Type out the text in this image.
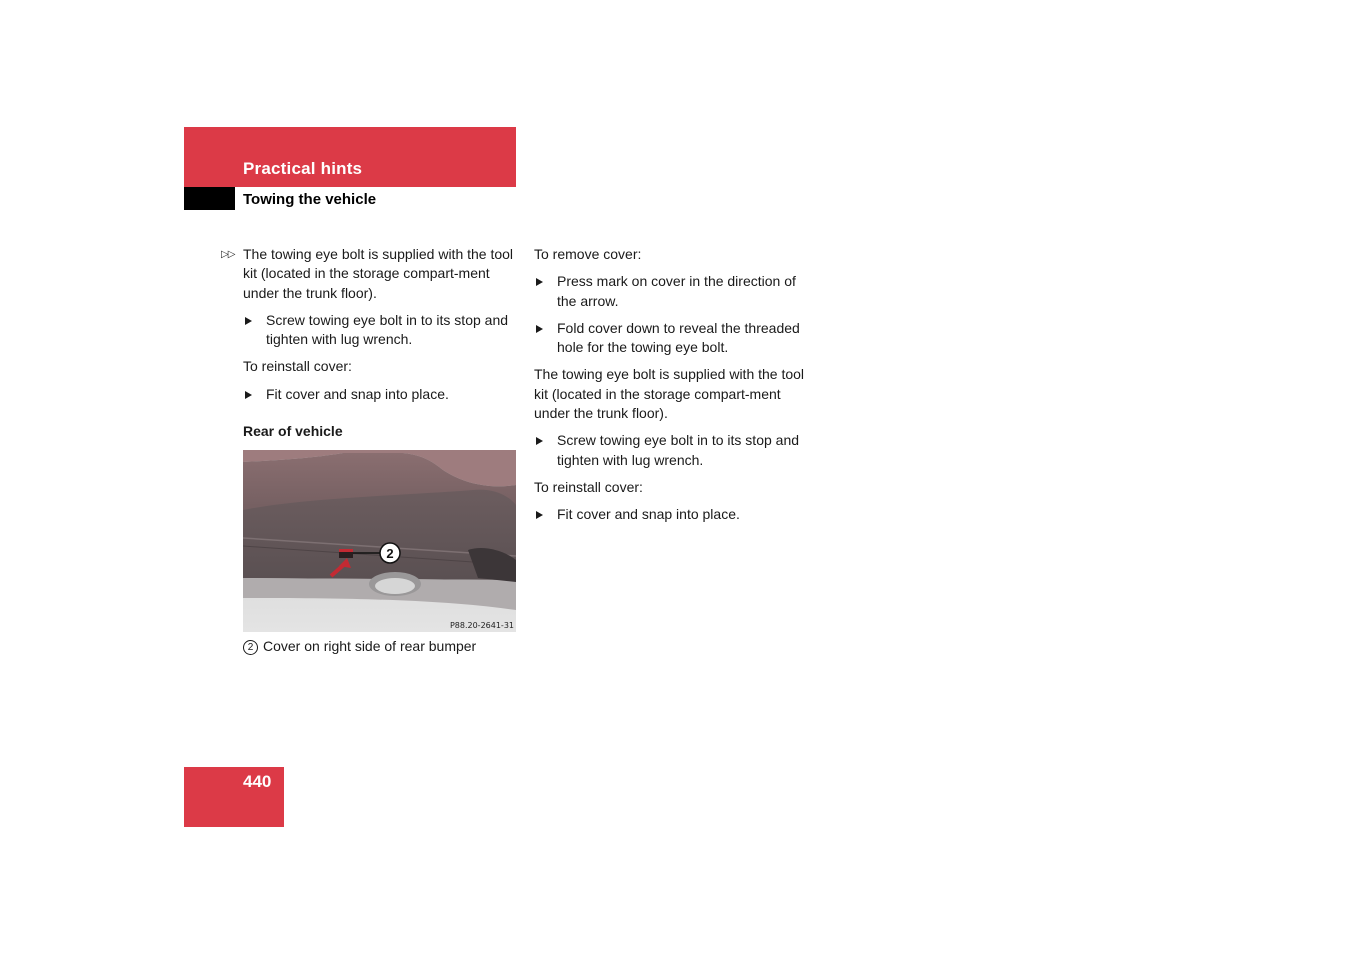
Practical hints
Towing the vehicle
▷▷ The towing eye bolt is supplied with the tool kit (located in the storage compart-ment under the trunk floor).

Screw towing eye bolt in to its stop and tighten with lug wrench.

To reinstall cover:

Fit cover and snap into place.

Rear of vehicle

2
P88.20-2641-31
2 Cover on right side of rear bumper

To remove cover:

Press mark on cover in the direction of the arrow.

Fold cover down to reveal the threaded hole for the towing eye bolt.

The towing eye bolt is supplied with the tool kit (located in the storage compart-ment under the trunk floor).

Screw towing eye bolt in to its stop and tighten with lug wrench.

To reinstall cover:

Fit cover and snap into place.

440
